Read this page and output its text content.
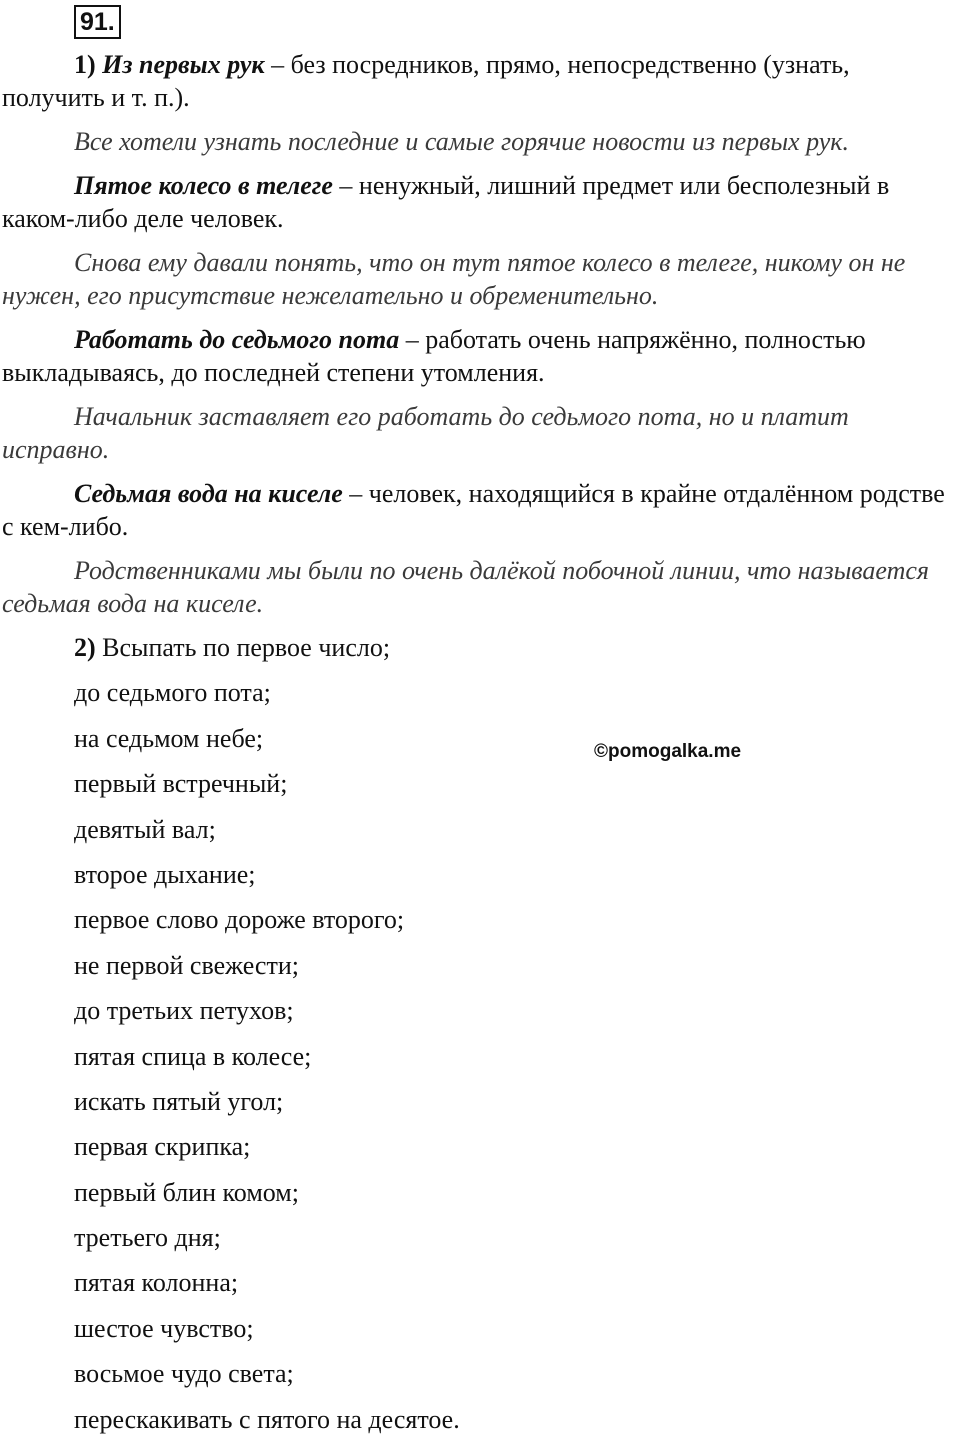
91.

1) Из первых рук – без посредников, прямо, непосредственно (узнать, получить и т. п.).

Все хотели узнать последние и самые горячие новости из первых рук.

Пятое колесо в телеге – ненужный, лишний предмет или бесполезный в каком-либо деле человек.

Снова ему давали понять, что он тут пятое колесо в телеге, никому он не нужен, его присутствие нежелательно и обременительно.

Работать до седьмого пота – работать очень напряжённо, полностью выкладываясь, до последней степени утомления.

Начальник заставляет его работать до седьмого пота, но и платит исправно.

Седьмая вода на киселе – человек, находящийся в крайне отдалённом родстве с кем-либо.

Родственниками мы были по очень далёкой побочной линии, что называется седьмая вода на киселе.

2) Всыпать по первое число;

до седьмого пота;

на седьмом небе;

первый встречный;

девятый вал;

второе дыхание;

первое слово дороже второго;

не первой свежести;

до третьих петухов;

пятая спица в колесе;

искать пятый угол;

первая скрипка;

первый блин комом;

третьего дня;

пятая колонна;

шестое чувство;

восьмое чудо света;

перескакивать с пятого на десятое.

©pomogalka.me
